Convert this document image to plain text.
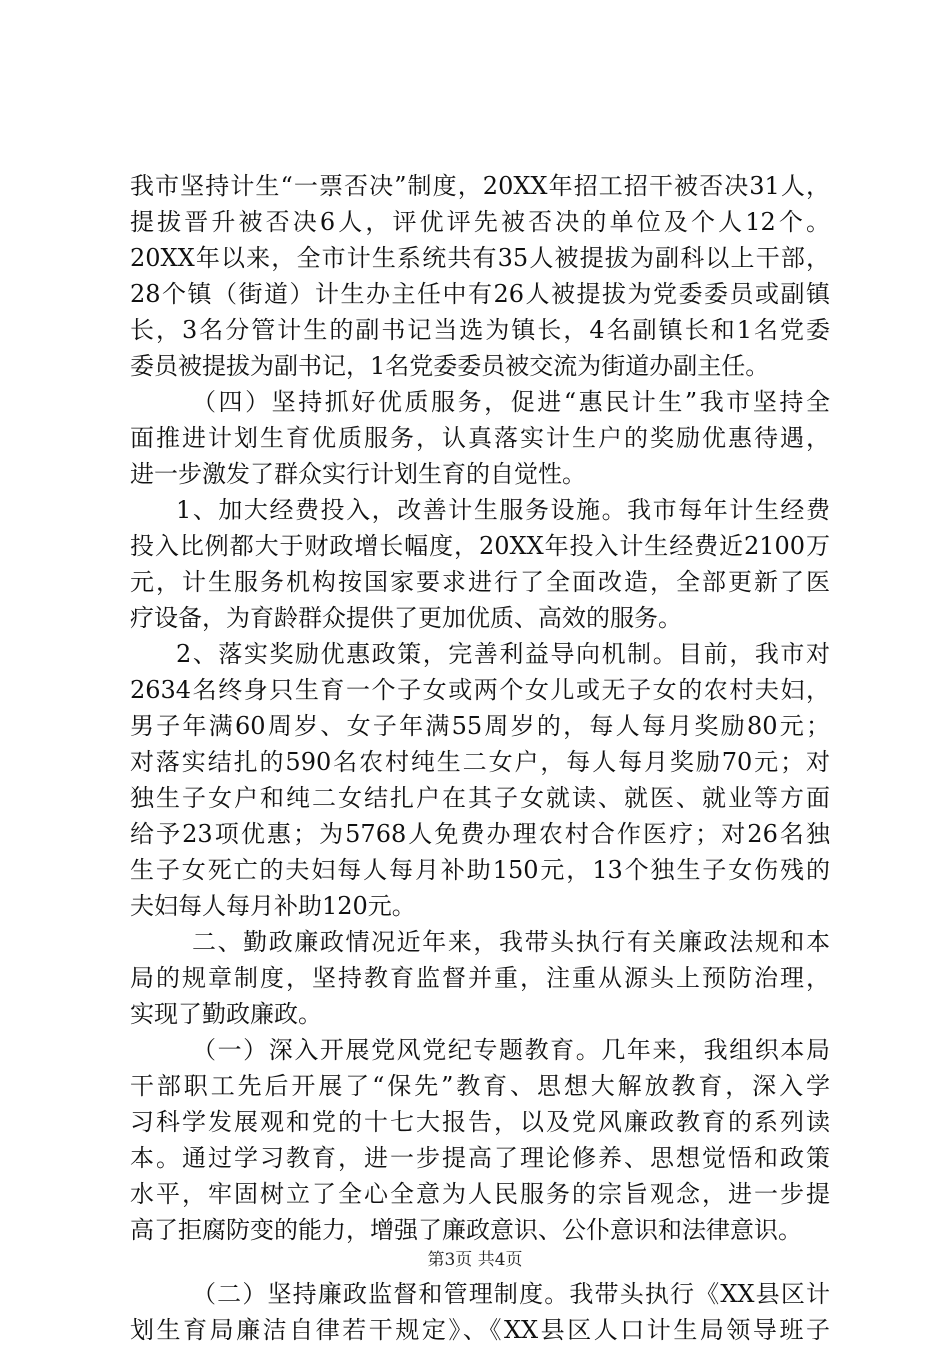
我市坚持计生“一票否决”制度，20XX年招工招干被否决31人，
提拔晋升被否决6人，评优评先被否决的单位及个人12个。
20XX年以来，全市计生系统共有35人被提拔为副科以上干部，
28个镇（街道）计生办主任中有26人被提拔为党委委员或副镇
长，3名分管计生的副书记当选为镇长，4名副镇长和1名党委
委员被提拔为副书记，1名党委委员被交流为街道办副主任。
（四）坚持抓好优质服务，促进“惠民计生”我市坚持全
面推进计划生育优质服务，认真落实计生户的奖励优惠待遇，
进一步激发了群众实行计划生育的自觉性。
1、加大经费投入，改善计生服务设施。我市每年计生经费
投入比例都大于财政增长幅度，20XX年投入计生经费近2100万
元，计生服务机构按国家要求进行了全面改造，全部更新了医
疗设备，为育龄群众提供了更加优质、高效的服务。
2、落实奖励优惠政策，完善利益导向机制。目前，我市对
2634名终身只生育一个子女或两个女儿或无子女的农村夫妇，
男子年满60周岁、女子年满55周岁的，每人每月奖励80元；
对落实结扎的590名农村纯生二女户，每人每月奖励70元；对
独生子女户和纯二女结扎户在其子女就读、就医、就业等方面
给予23项优惠；为5768人免费办理农村合作医疗；对26名独
生子女死亡的夫妇每人每月补助150元，13个独生子女伤残的
夫妇每人每月补助120元。
二、勤政廉政情况近年来，我带头执行有关廉政法规和本
局的规章制度，坚持教育监督并重，注重从源头上预防治理，
实现了勤政廉政。
（一）深入开展党风党纪专题教育。几年来，我组织本局
干部职工先后开展了“保先”教育、思想大解放教育，深入学
习科学发展观和党的十七大报告，以及党风廉政教育的系列读
本。通过学习教育，进一步提高了理论修养、思想觉悟和政策
水平，牢固树立了全心全意为人民服务的宗旨观念，进一步提
高了拒腐防变的能力，增强了廉政意识、公仆意识和法律意识。
（二）坚持廉政监督和管理制度。我带头执行《XX县区计
划生育局廉洁自律若干规定》、《XX县区人口计生局领导班子
第3页 共4页
